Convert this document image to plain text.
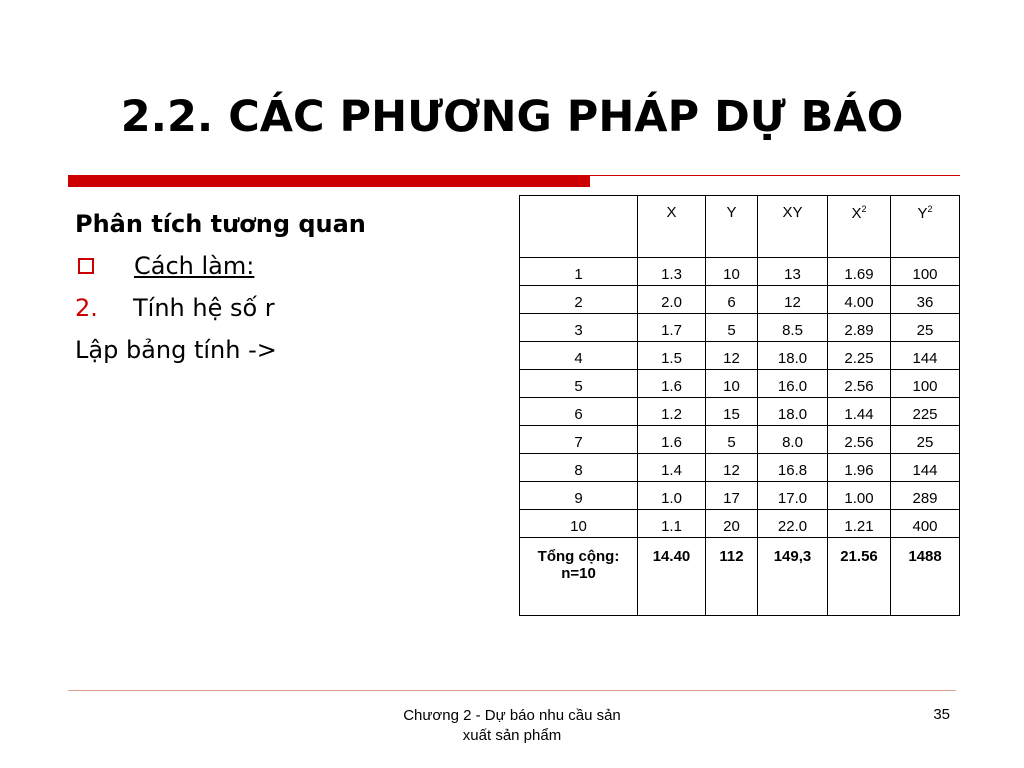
2.2. CÁC PHƯƠNG PHÁP DỰ BÁO
Phân tích tương quan
Cách làm:
2.	Tính hệ số r
Lập bảng tính ->
	X	Y	XY	$X^2$	$Y^2$
1	1.3	10	13	1.69	100
2	2.0	6	12	4.00	36
3	1.7	5	8.5	2.89	25
4	1.5	12	18.0	2.25	144
5	1.6	10	16.0	2.56	100
6	1.2	15	18.0	1.44	225
7	1.6	5	8.0	2.56	25
8	1.4	12	16.8	1.96	144
9	1.0	17	17.0	1.00	289
10	1.1	20	22.0	1.21	400

Tổng cộng:
n=10	14.40	112	149,3	21.56	1488
Chương 2 - Dự báo nhu cầu sản
xuất sản phẩm
35
